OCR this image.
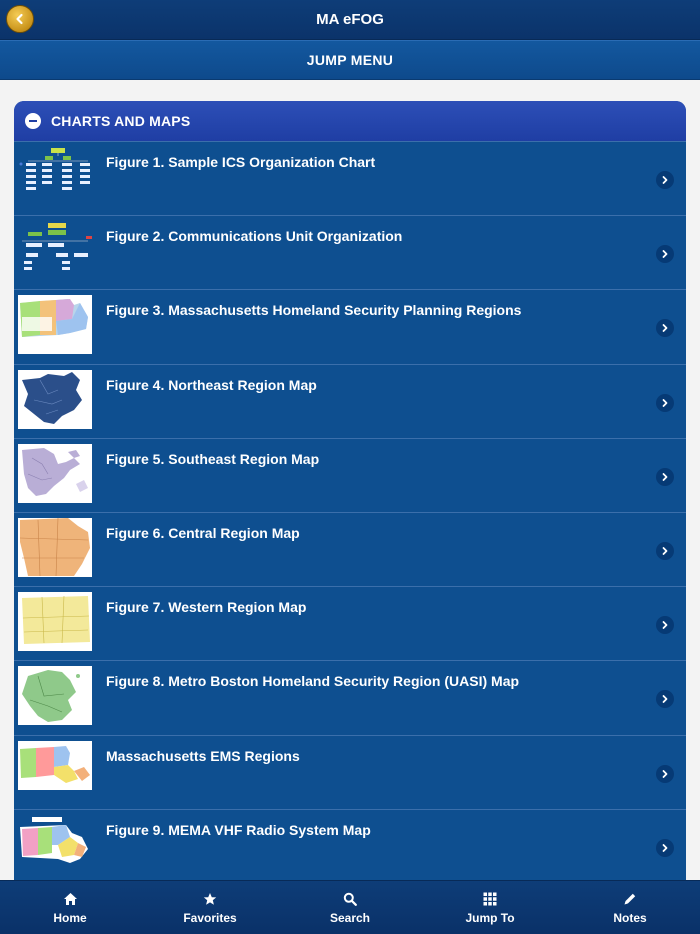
MA eFOG
JUMP MENU
CHARTS AND MAPS
Figure 1. Sample ICS Organization Chart
Figure 2. Communications Unit Organization
Figure 3. Massachusetts Homeland Security Planning Regions
Figure 4. Northeast Region Map
Figure 5. Southeast Region Map
Figure 6. Central Region Map
Figure 7. Western Region Map
Figure 8. Metro Boston Homeland Security Region (UASI) Map
Massachusetts EMS Regions
Figure 9. MEMA VHF Radio System Map
Home	Favorites	Search	Jump To	Notes
